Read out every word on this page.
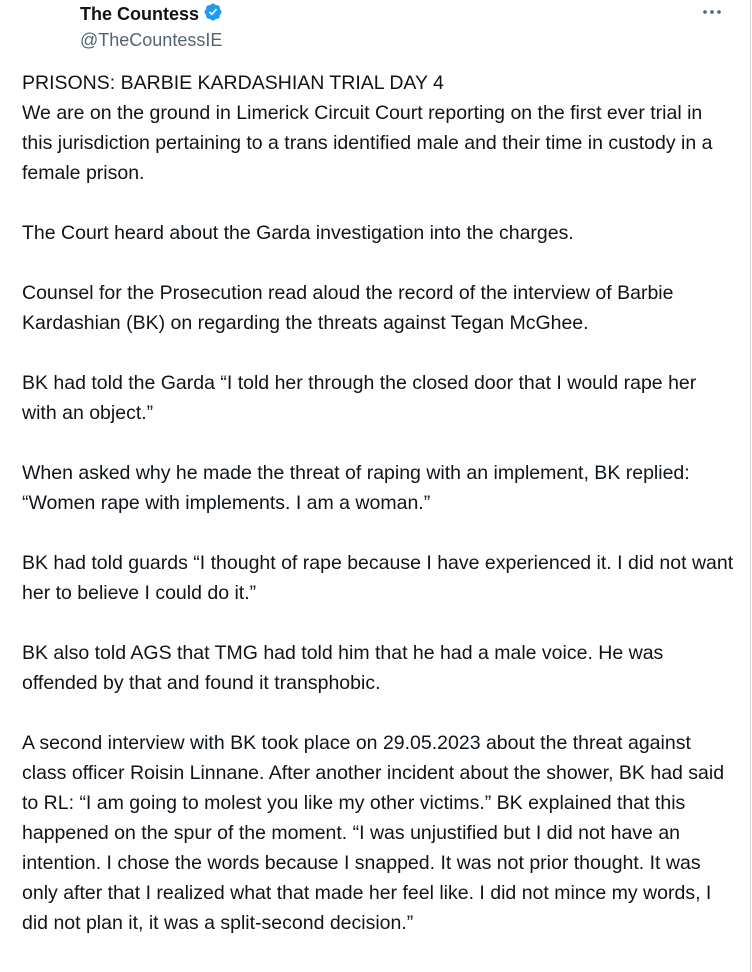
The Countess
@TheCountessIE

PRISONS: BARBIE KARDASHIAN TRIAL DAY 4
We are on the ground in Limerick Circuit Court reporting on the first ever trial in this jurisdiction pertaining to a trans identified male and their time in custody in a female prison.

The Court heard about the Garda investigation into the charges.

Counsel for the Prosecution read aloud the record of the interview of Barbie Kardashian (BK) on regarding the threats against Tegan McGhee.

BK had told the Garda “I told her through the closed door that I would rape her with an object.”

When asked why he made the threat of raping with an implement, BK replied: “Women rape with implements. I am a woman.”

BK had told guards “I thought of rape because I have experienced it. I did not want her to believe I could do it.”

BK also told AGS that TMG had told him that he had a male voice. He was offended by that and found it transphobic.

A second interview with BK took place on 29.05.2023 about the threat against class officer Roisin Linnane. After another incident about the shower, BK had said to RL: “I am going to molest you like my other victims.” BK explained that this happened on the spur of the moment. “I was unjustified but I did not have an intention. I chose the words because I snapped. It was not prior thought. It was only after that I realized what that made her feel like. I did not mince my words, I did not plan it, it was a split-second decision.”
